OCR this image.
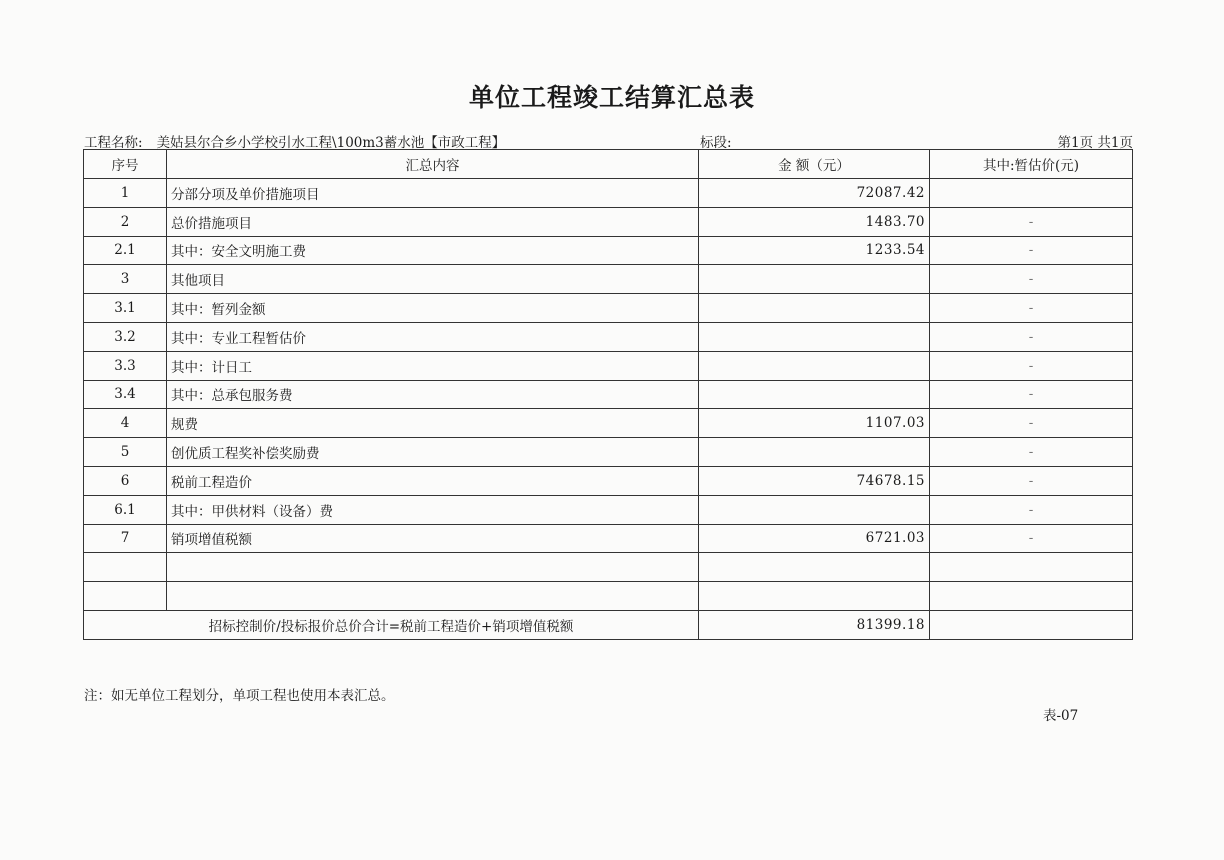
单位工程竣工结算汇总表
工程名称: 美姑县尔合乡小学校引水工程\100m3蓄水池【市政工程】	标段:	第1页 共1页
序号	汇总内容	金 额（元）	其中:暂估价(元)
1	分部分项及单价措施项目	72087.42	
2	总价措施项目	1483.70	-
2.1	其中：安全文明施工费	1233.54	-
3	其他项目		-
3.1	其中：暂列金额		-
3.2	其中：专业工程暂估价		-
3.3	其中：计日工		-
3.4	其中：总承包服务费		-
4	规费	1107.03	-
5	创优质工程奖补偿奖励费		-
6	税前工程造价	74678.15	-
6.1	其中：甲供材料（设备）费		-
7	销项增值税额	6721.03	-

招标控制价/投标报价总价合计=税前工程造价+销项增值税额		81399.18	
注：如无单位工程划分，单项工程也使用本表汇总。
表-07
